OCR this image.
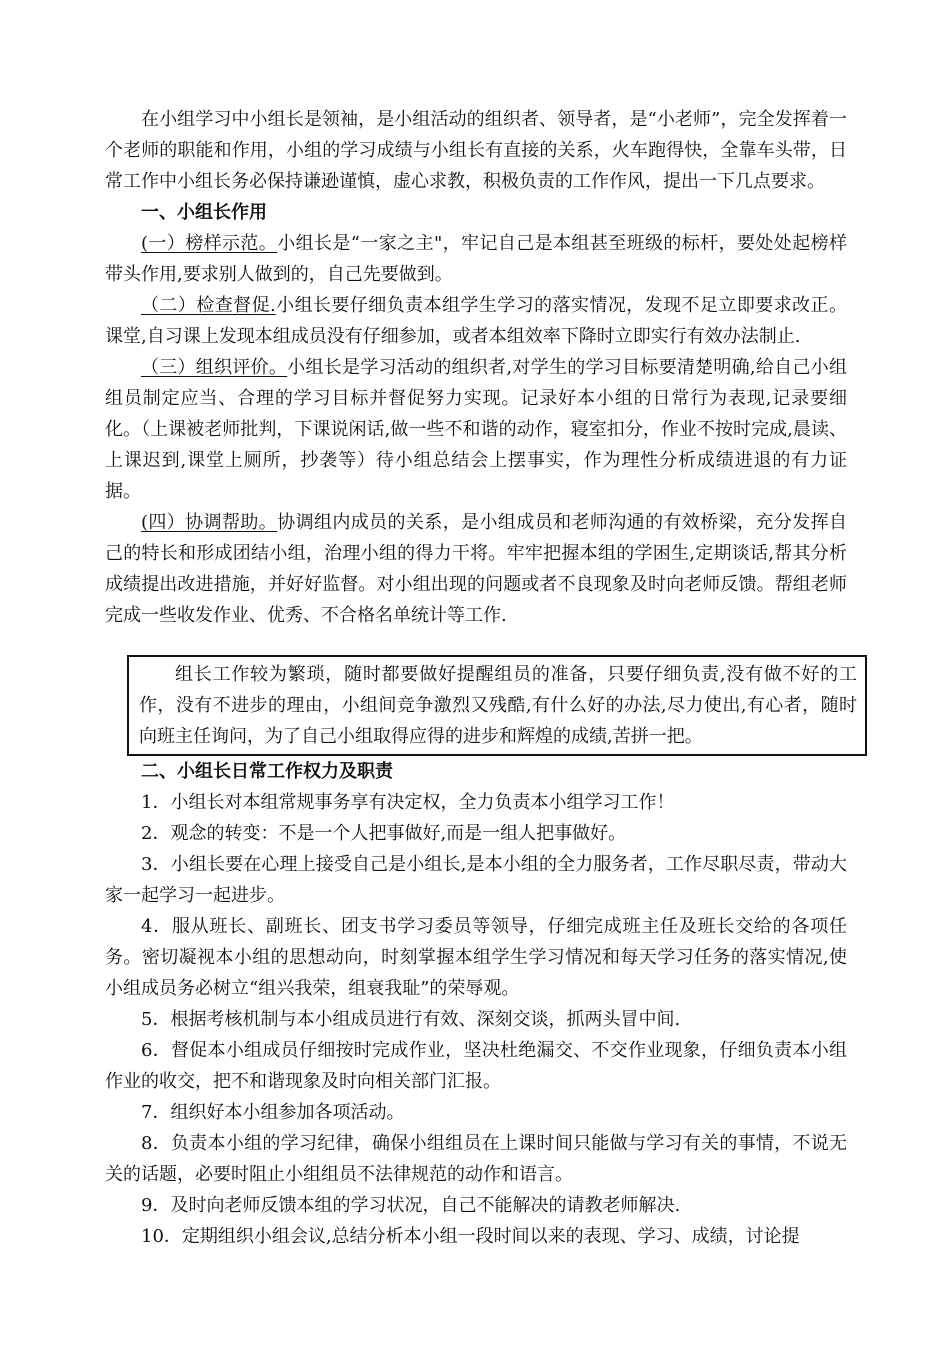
在小组学习中小组长是领袖，是小组活动的组织者、领导者，是“小老师”，完全发挥着一个老师的职能和作用，小组的学习成绩与小组长有直接的关系，火车跑得快，全靠车头带，日常工作中小组长务必保持谦逊谨慎，虚心求教，积极负责的工作作风，提出一下几点要求。

一、小组长作用

(一）榜样示范。小组长是“一家之主"，牢记自己是本组甚至班级的标杆，要处处起榜样带头作用,要求别人做到的，自己先要做到。

（二）检查督促.小组长要仔细负责本组学生学习的落实情况，发现不足立即要求改正。课堂,自习课上发现本组成员没有仔细参加，或者本组效率下降时立即实行有效办法制止.

（三）组织评价。小组长是学习活动的组织者,对学生的学习目标要清楚明确,给自己小组组员制定应当、合理的学习目标并督促努力实现。记录好本小组的日常行为表现,记录要细化。（上课被老师批判，下课说闲话,做一些不和谐的动作，寝室扣分，作业不按时完成,晨读、上课迟到,课堂上厕所，抄袭等）待小组总结会上摆事实，作为理性分析成绩进退的有力证据。

(四）协调帮助。协调组内成员的关系，是小组成员和老师沟通的有效桥梁，充分发挥自己的特长和形成团结小组，治理小组的得力干将。牢牢把握本组的学困生,定期谈话,帮其分析成绩提出改进措施，并好好监督。对小组出现的问题或者不良现象及时向老师反馈。帮组老师完成一些收发作业、优秀、不合格名单统计等工作.

组长工作较为繁琐，随时都要做好提醒组员的准备，只要仔细负责,没有做不好的工作，没有不进步的理由，小组间竞争激烈又残酷,有什么好的办法,尽力使出,有心者，随时向班主任询问，为了自己小组取得应得的进步和辉煌的成绩,苦拼一把。

二、小组长日常工作权力及职责

1．小组长对本组常规事务享有决定权，全力负责本小组学习工作！

2．观念的转变：不是一个人把事做好,而是一组人把事做好。

3．小组长要在心理上接受自己是小组长,是本小组的全力服务者，工作尽职尽责，带动大家一起学习一起进步。

4．服从班长、副班长、团支书学习委员等领导，仔细完成班主任及班长交给的各项任务。密切凝视本小组的思想动向，时刻掌握本组学生学习情况和每天学习任务的落实情况,使小组成员务必树立“组兴我荣，组衰我耻”的荣辱观。

5．根据考核机制与本小组成员进行有效、深刻交谈，抓两头冒中间.

6．督促本小组成员仔细按时完成作业，坚决杜绝漏交、不交作业现象，仔细负责本小组作业的收交，把不和谐现象及时向相关部门汇报。

7．组织好本小组参加各项活动。

8．负责本小组的学习纪律，确保小组组员在上课时间只能做与学习有关的事情，不说无关的话题，必要时阻止小组组员不法律规范的动作和语言。

9．及时向老师反馈本组的学习状况，自己不能解决的请教老师解决.

10．定期组织小组会议,总结分析本小组一段时间以来的表现、学习、成绩，讨论提
